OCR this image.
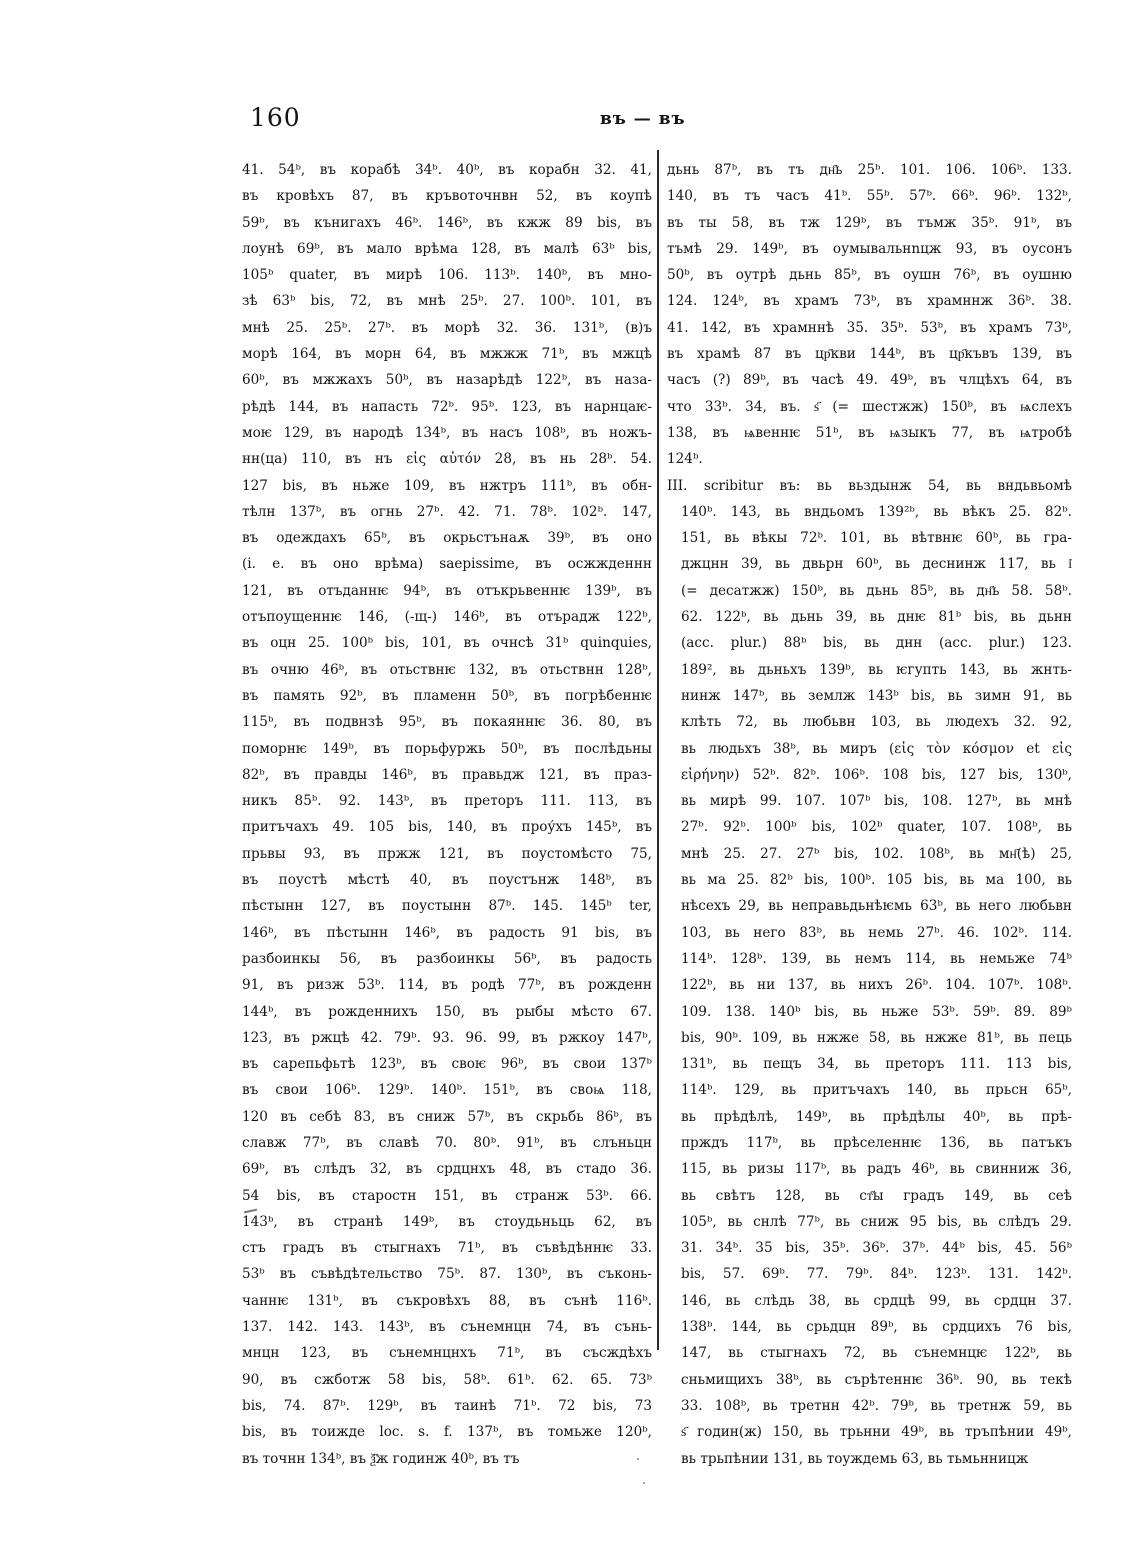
160	въ — въ
41. 54ᵇ, въ корабѣ 34ᵇ. 40ᵇ, въ корабн 32. 41,
въ кровѣхъ 87, въ кръвоточнвн 52, въ коупѣ
59ᵇ, въ кънигахъ 46ᵇ. 146ᵇ, въ кжж 89 bis, въ
лоунѣ 69ᵇ, въ мало врѣма 128, въ малѣ 63ᵇ bis,
105ᵇ quater, въ мирѣ 106. 113ᵇ. 140ᵇ, въ мно-
зѣ 63ᵇ bis, 72, въ мнѣ 25ᵇ. 27. 100ᵇ. 101, въ
мнѣ 25. 25ᵇ. 27ᵇ. въ морѣ 32. 36. 131ᵇ, (в)ъ
морѣ 164, въ морн 64, въ мжжж 71ᵇ, въ мжцѣ
60ᵇ, въ мжжахъ 50ᵇ, въ назарѣдѣ 122ᵇ, въ наза-
рѣдѣ 144, въ напасть 72ᵇ. 95ᵇ. 123, въ нарнцаѥ-
моѥ 129, въ народѣ 134ᵇ, въ насъ 108ᵇ, въ ножъ-
нн(ца) 110, въ нъ εἰς αὐτόν 28, въ нь 28ᵇ. 54.
127 bis, въ ньже 109, въ нжтръ 111ᵇ, въ обн-
тѣлн 137ᵇ, въ огнь 27ᵇ. 42. 71. 78ᵇ. 102ᵇ. 147,
въ одеждахъ 65ᵇ, въ окрьстънаѫ 39ᵇ, въ оно
(i. e. въ оно врѣма) saepissime, въ осжжденнн
121, въ отъданнѥ 94ᵇ, въ отъкрьвеннѥ 139ᵇ, въ
отъпоущеннѥ 146, (-щ-) 146ᵇ, въ отърадж 122ᵇ,
въ оцн 25. 100ᵇ bis, 101, въ очнсѣ 31ᵇ quinquies,
въ очню 46ᵇ, въ отьствнѥ 132, въ отьствнн 128ᵇ,
въ память 92ᵇ, въ пламенн 50ᵇ, въ погрѣбеннѥ
115ᵇ, въ подвнзѣ 95ᵇ, въ покаяннѥ 36. 80, въ
поморнѥ 149ᵇ, въ порьфуржь 50ᵇ, въ послѣдьны
82ᵇ, въ правды 146ᵇ, въ правьдж 121, въ праз-
никъ 85ᵇ. 92. 143ᵇ, въ преторъ 111. 113, въ
притъчахъ 49. 105 bis, 140, въ проу́хъ 145ᵇ, въ
прьвы 93, въ пржж 121, въ поустомѣсто 75,
въ поустѣ мѣстѣ 40, въ поустънж 148ᵇ, въ
пѣстынн 127, въ поустынн 87ᵇ. 145. 145ᵇ ter,
146ᵇ, въ пѣстынн 146ᵇ, въ радость 91 bis, въ
разбоинкы 56, въ разбоинкы 56ᵇ, въ радость
91, въ ризж 53ᵇ. 114, въ родѣ 77ᵇ, въ рожденн
144ᵇ, въ рожденнихъ 150, въ рыбы мѣсто 67.
123, въ ржцѣ 42. 79ᵇ. 93. 96. 99, въ ржкоу 147ᵇ,
въ сарепьфьтѣ 123ᵇ, въ своѥ 96ᵇ, въ свои 137ᵇ
въ свои 106ᵇ. 129ᵇ. 140ᵇ. 151ᵇ, въ своѩ 118,
120 въ себѣ 83, въ сниж 57ᵇ, въ скрьбь 86ᵇ, въ
славж 77ᵇ, въ славѣ 70. 80ᵇ. 91ᵇ, въ слъньцн
69ᵇ, въ слѣдъ 32, въ срдцнхъ 48, въ стадо 36.
54 bis, въ старостн 151, въ странж 53ᵇ. 66.
143ᵇ, въ странѣ 149ᵇ, въ стоудьньць 62, въ
стъ градъ въ стыгнахъ 71ᵇ, въ съвѣдѣннѥ 33.
53ᵇ въ съвѣдѣтельство 75ᵇ. 87. 130ᵇ, въ съконь-
чаннѥ 131ᵇ, въ съкровѣхъ 88, въ сънѣ 116ᵇ.
137. 142. 143. 143ᵇ, въ сънемнцн 74, въ сънь-
мнцн 123, въ сънемнцнхъ 71ᵇ, въ съсждѣхъ
90, въ сжботж 58 bis, 58ᵇ. 61ᵇ. 62. 65. 73ᵇ
bis, 74. 87ᵇ. 129ᵇ, въ таинѣ 71ᵇ. 72 bis, 73
bis, въ тоижде loc. s. f. 137ᵇ, въ томьже 120ᵇ,
въ точнн 134ᵇ, въ ѯ҃ж годинж 40ᵇ, въ тъ
дьнь 87ᵇ, въ тъ дн҃ь 25ᵇ. 101. 106. 106ᵇ. 133.
140, въ тъ часъ 41ᵇ. 55ᵇ. 57ᵇ. 66ᵇ. 96ᵇ. 132ᵇ,
въ ты 58, въ тж 129ᵇ, въ тъмж 35ᵇ. 91ᵇ, въ
тъмѣ 29. 149ᵇ, въ оумывальнnцж 93, въ оусонъ
50ᵇ, въ оутрѣ дьнь 85ᵇ, въ оушн 76ᵇ, въ оушню
124. 124ᵇ, въ храмъ 73ᵇ, въ храмннж 36ᵇ. 38.
41. 142, въ храмннѣ 35. 35ᵇ. 53ᵇ, въ храмъ 73ᵇ,
въ храмѣ 87 въ цр҃кви 144ᵇ, въ цр҃къвъ 139, въ
часъ (?) 89ᵇ, въ часѣ 49. 49ᵇ, въ члцѣхъ 64, въ
что 33ᵇ. 34, въ. ѕ҃ (= шестжж) 150ᵇ, въ ѩслехъ
138, въ ѩвеннѥ 51ᵇ, въ ѩзыкъ 77, въ ѩтробѣ
124ᵇ.
III. scribitur въ: вь вьздынж 54, вь вндьвьомѣ
140ᵇ. 143, вь вндьомъ 139²ᵇ, вь вѣкъ 25. 82ᵇ.
151, вь вѣкы 72ᵇ. 101, вь вѣтвнѥ 60ᵇ, вь гра-
джцнн 39, вь двьрн 60ᵇ, вь деснинж 117, вь і҃
(= десатжж) 150ᵇ, вь дьнь 85ᵇ, вь дн҃ь 58. 58ᵇ.
62. 122ᵇ, вь дьнь 39, вь днѥ 81ᵇ bis, вь дьнн
(acc. plur.) 88ᵇ bis, вь днн (acc. plur.) 123.
189², вь дьньхъ 139ᵇ, вь ѥгупть 143, вь жнть-
нинж 147ᵇ, вь землж 143ᵇ bis, вь зимн 91, вь
клѣть 72, вь любьвн 103, вь людехъ 32. 92,
вь людьхъ 38ᵇ, вь миръ (εἰς τὸν κόσμον et εἰς
εἰρήνην) 52ᵇ. 82ᵇ. 106ᵇ. 108 bis, 127 bis, 130ᵇ,
вь мирѣ 99. 107. 107ᵇ bis, 108. 127ᵇ, вь мнѣ
27ᵇ. 92ᵇ. 100ᵇ bis, 102ᵇ quater, 107. 108ᵇ, вь
мнѣ 25. 27. 27ᵇ bis, 102. 108ᵇ, вь мн҃(ѣ) 25,
вь ма 25. 82ᵇ bis, 100ᵇ. 105 bis, вь ма 100, вь
нѣсехъ 29, вь неправьдьнѣѥмь 63ᵇ, вь него любьвн
103, вь него 83ᵇ, вь немь 27ᵇ. 46. 102ᵇ. 114.
114ᵇ. 128ᵇ. 139, вь немъ 114, вь немьже 74ᵇ
122ᵇ, вь ни 137, вь нихъ 26ᵇ. 104. 107ᵇ. 108ᵇ.
109. 138. 140ᵇ bis, вь ньже 53ᵇ. 59ᵇ. 89. 89ᵇ
bis, 90ᵇ. 109, вь нжже 58, вь нжже 81ᵇ, вь пець
131ᵇ, вь пещъ 34, вь преторъ 111. 113 bis,
114ᵇ. 129, вь притъчахъ 140, вь прьсн 65ᵇ,
вь прѣдѣлѣ, 149ᵇ, вь прѣдѣлы 40ᵇ, вь прѣ-
прждъ 117ᵇ, вь прѣселеннѥ 136, вь патъкъ
115, вь ризы 117ᵇ, вь радъ 46ᵇ, вь свинниж 36,
вь свѣтъ 128, вь ст҃ы градъ 149, вь сеѣ
105ᵇ, вь снлѣ 77ᵇ, вь сниж 95 bis, вь слѣдъ 29.
31. 34ᵇ. 35 bis, 35ᵇ. 36ᵇ. 37ᵇ. 44ᵇ bis, 45. 56ᵇ
bis, 57. 69ᵇ. 77. 79ᵇ. 84ᵇ. 123ᵇ. 131. 142ᵇ.
146, вь слѣдь 38, вь срдцѣ 99, вь срдцн 37.
138ᵇ. 144, вь срьдцн 89ᵇ, вь срдцихъ 76 bis,
147, вь стыгнахъ 72, вь сънемнцѥ 122ᵇ, вь
сньмищихъ 38ᵇ, вь сърѣтеннѥ 36ᵇ. 90, вь текѣ
33. 108ᵇ, вь третнн 42ᵇ. 79ᵇ, вь третнж 59, вь
ѕ҃ годин(ж) 150, вь трьнни 49ᵇ, вь тръпѣнии 49ᵇ,
вь трьпѣнии 131, вь тоуждемь 63, вь тьмьнницж
